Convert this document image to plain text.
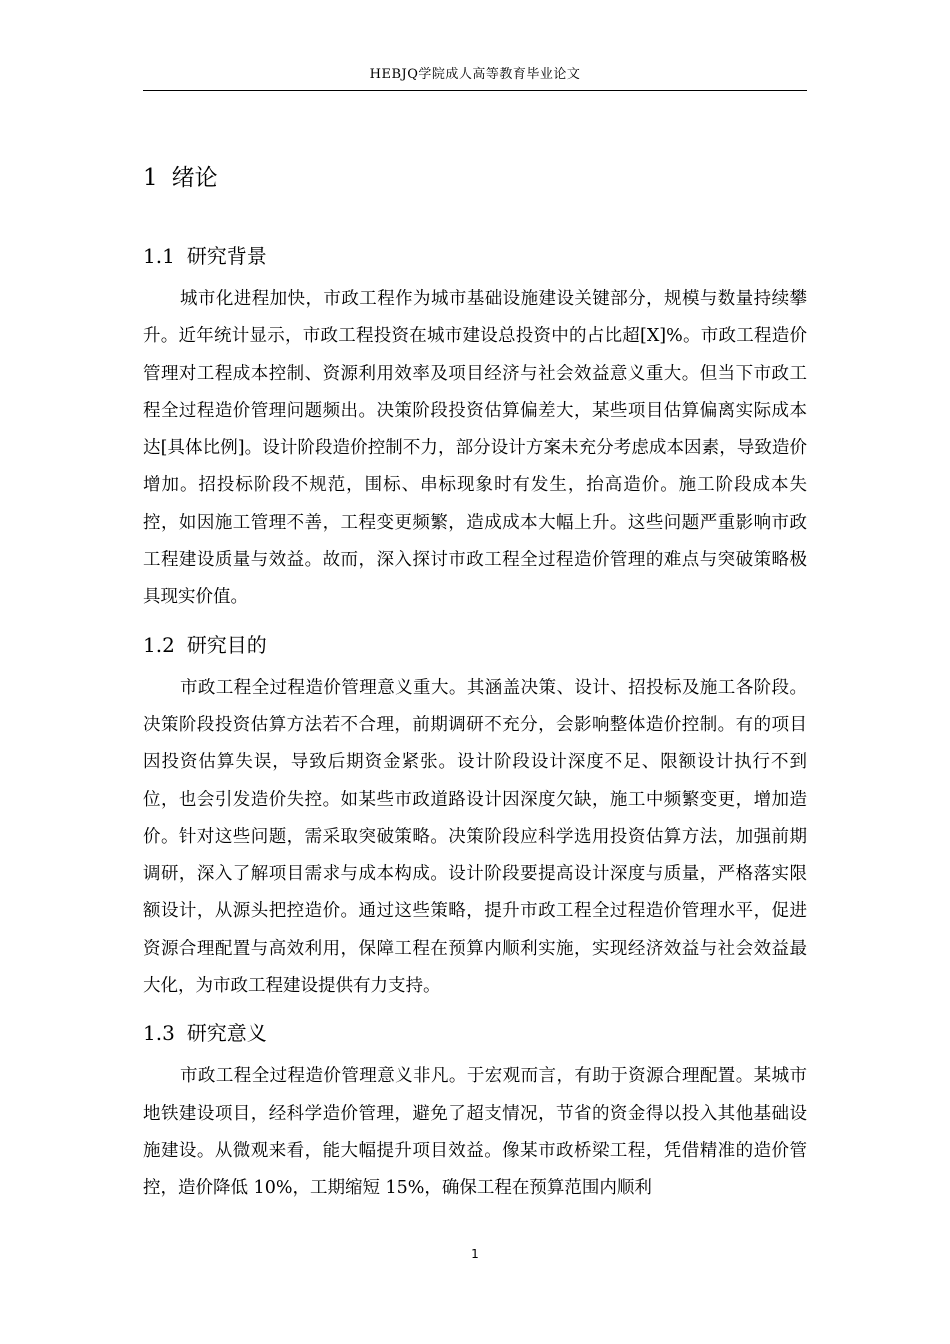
HEBJQ学院成人高等教育毕业论文
1 绪论
1.1 研究背景

城市化进程加快，市政工程作为城市基础设施建设关键部分，规模与数量持续攀升。近年统计显示，市政工程投资在城市建设总投资中的占比超[X]%。市政工程造价管理对工程成本控制、资源利用效率及项目经济与社会效益意义重大。但当下市政工程全过程造价管理问题频出。决策阶段投资估算偏差大，某些项目估算偏离实际成本达[具体比例]。设计阶段造价控制不力，部分设计方案未充分考虑成本因素，导致造价增加。招投标阶段不规范，围标、串标现象时有发生，抬高造价。施工阶段成本失控，如因施工管理不善，工程变更频繁，造成成本大幅上升。这些问题严重影响市政工程建设质量与效益。故而，深入探讨市政工程全过程造价管理的难点与突破策略极具现实价值。

1.2 研究目的

市政工程全过程造价管理意义重大。其涵盖决策、设计、招投标及施工各阶段。决策阶段投资估算方法若不合理，前期调研不充分，会影响整体造价控制。有的项目因投资估算失误，导致后期资金紧张。设计阶段设计深度不足、限额设计执行不到位，也会引发造价失控。如某些市政道路设计因深度欠缺，施工中频繁变更，增加造价。针对这些问题，需采取突破策略。决策阶段应科学选用投资估算方法，加强前期调研，深入了解项目需求与成本构成。设计阶段要提高设计深度与质量，严格落实限额设计，从源头把控造价。通过这些策略，提升市政工程全过程造价管理水平，促进资源合理配置与高效利用，保障工程在预算内顺利实施，实现经济效益与社会效益最大化，为市政工程建设提供有力支持。

1.3 研究意义

市政工程全过程造价管理意义非凡。于宏观而言，有助于资源合理配置。某城市地铁建设项目，经科学造价管理，避免了超支情况，节省的资金得以投入其他基础设施建设。从微观来看，能大幅提升项目效益。像某市政桥梁工程，凭借精准的造价管控，造价降低 10%，工期缩短 15%，确保工程在预算范围内顺利

1
